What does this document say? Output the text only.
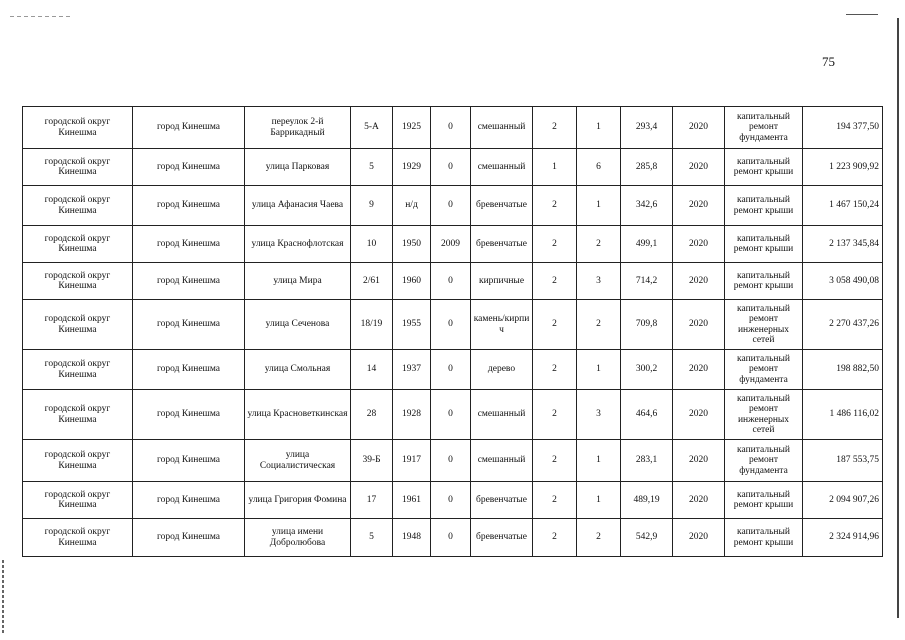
75
городской округ Кинешма	город Кинешма	переулок 2-й Баррикадный	5-А	1925	0	смешанный	2	1	293,4	2020	капитальный ремонт фундамента	194 377,50
городской округ Кинешма	город Кинешма	улица Парковая	5	1929	0	смешанный	1	6	285,8	2020	капитальный ремонт крыши	1 223 909,92
городской округ Кинешма	город Кинешма	улица Афанасия Чаева	9	н/д	0	бревенчатые	2	1	342,6	2020	капитальный ремонт крыши	1 467 150,24
городской округ Кинешма	город Кинешма	улица Краснофлотская	10	1950	2009	бревенчатые	2	2	499,1	2020	капитальный ремонт крыши	2 137 345,84
городской округ Кинешма	город Кинешма	улица Мира	2/61	1960	0	кирпичные	2	3	714,2	2020	капитальный ремонт крыши	3 058 490,08
городской округ Кинешма	город Кинешма	улица Сеченова	18/19	1955	0	камень/кирпич	2	2	709,8	2020	капитальный ремонт инженерных сетей	2 270 437,26
городской округ Кинешма	город Кинешма	улица Смольная	14	1937	0	дерево	2	1	300,2	2020	капитальный ремонт фундамента	198 882,50
городской округ Кинешма	город Кинешма	улица Красноветкинская	28	1928	0	смешанный	2	3	464,6	2020	капитальный ремонт инженерных сетей	1 486 116,02
городской округ Кинешма	город Кинешма	улица Социалистическая	39-Б	1917	0	смешанный	2	1	283,1	2020	капитальный ремонт фундамента	187 553,75
городской округ Кинешма	город Кинешма	улица Григория Фомина	17	1961	0	бревенчатые	2	1	489,19	2020	капитальный ремонт крыши	2 094 907,26
городской округ Кинешма	город Кинешма	улица имени Добролюбова	5	1948	0	бревенчатые	2	2	542,9	2020	капитальный ремонт крыши	2 324 914,96
